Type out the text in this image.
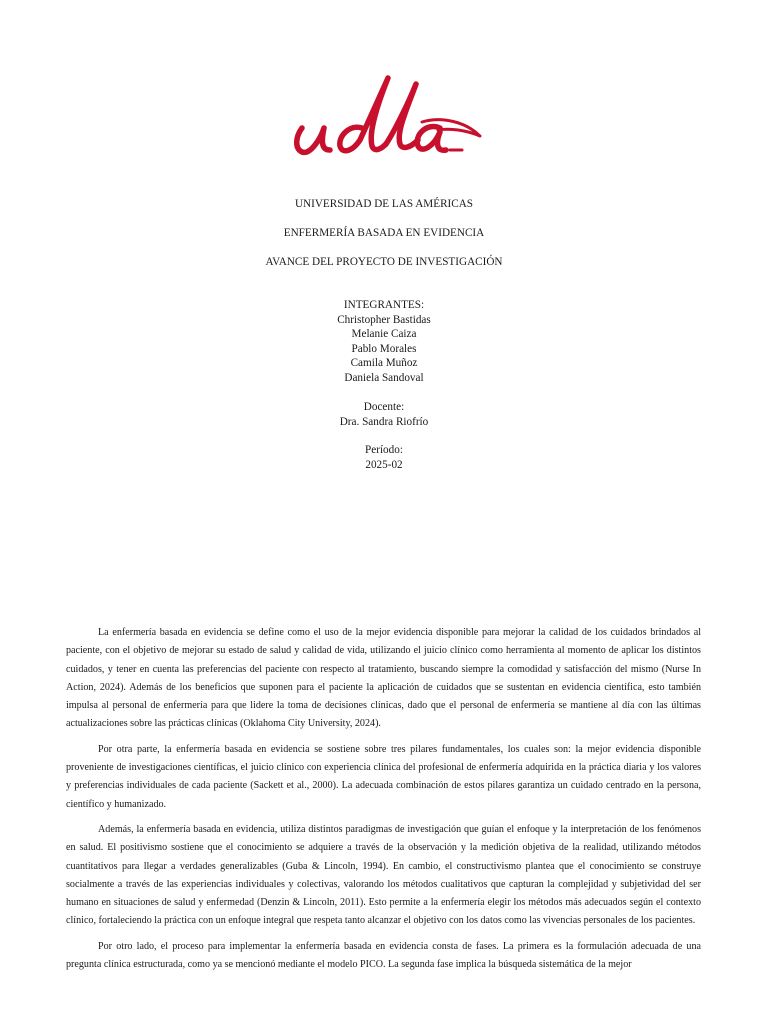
UNIVERSIDAD DE LAS AMÉRICAS
ENFERMERÍA BASADA EN EVIDENCIA
AVANCE DEL PROYECTO DE INVESTIGACIÓN
INTEGRANTES:
Christopher Bastidas
Melanie Caiza
Pablo Morales
Camila Muñoz
Daniela Sandoval
Docente:
Dra. Sandra Riofrío
Período:
2025-02

La enfermería basada en evidencia se define como el uso de la mejor evidencia disponible para mejorar la calidad de los cuidados brindados al paciente, con el objetivo de mejorar su estado de salud y calidad de vida, utilizando el juicio clínico como herramienta al momento de aplicar los distintos cuidados, y tener en cuenta las preferencias del paciente con respecto al tratamiento, buscando siempre la comodidad y satisfacción del mismo (Nurse In Action, 2024). Además de los beneficios que suponen para el paciente la aplicación de cuidados que se sustentan en evidencia científica, esto también impulsa al personal de enfermería para que lidere la toma de decisiones clínicas, dado que el personal de enfermería se mantiene al día con las últimas actualizaciones sobre las prácticas clínicas (Oklahoma City University, 2024).

Por otra parte, la enfermería basada en evidencia se sostiene sobre tres pilares fundamentales, los cuales son: la mejor evidencia disponible proveniente de investigaciones científicas, el juicio clínico con experiencia clínica del profesional de enfermería adquirida en la práctica diaria y los valores y preferencias individuales de cada paciente (Sackett et al., 2000). La adecuada combinación de estos pilares garantiza un cuidado centrado en la persona, científico y humanizado.

Además, la enfermería basada en evidencia, utiliza distintos paradigmas de investigación que guían el enfoque y la interpretación de los fenómenos en salud. El positivismo sostiene que el conocimiento se adquiere a través de la observación y la medición objetiva de la realidad, utilizando métodos cuantitativos para llegar a verdades generalizables (Guba & Lincoln, 1994). En cambio, el constructivismo plantea que el conocimiento se construye socialmente a través de las experiencias individuales y colectivas, valorando los métodos cualitativos que capturan la complejidad y subjetividad del ser humano en situaciones de salud y enfermedad (Denzin & Lincoln, 2011). Esto permite a la enfermería elegir los métodos más adecuados según el contexto clínico, fortaleciendo la práctica con un enfoque integral que respeta tanto alcanzar el objetivo con los datos como las vivencias personales de los pacientes.

Por otro lado, el proceso para implementar la enfermería basada en evidencia consta de fases. La primera es la formulación adecuada de una pregunta clínica estructurada, como ya se mencionó mediante el modelo PICO. La segunda fase implica la búsqueda sistemática de la mejor
